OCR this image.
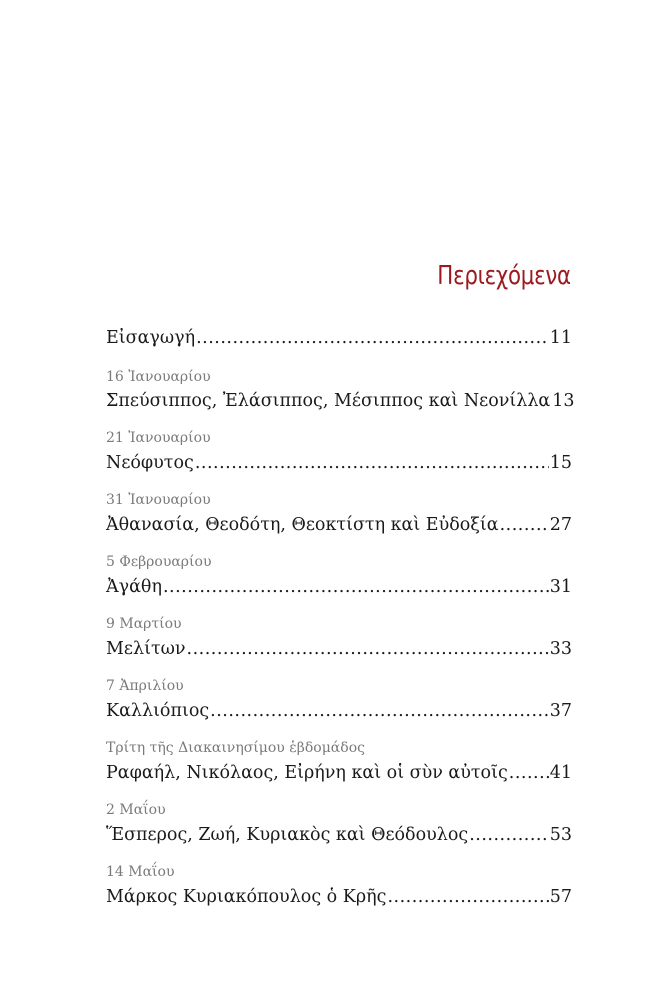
Περιεχόμενα
Εἰσαγωγή .....	11
16 Ἰανουαρίου
Σπεύσιππος, Ἐλάσιππος, Μέσιππος καὶ Νεονίλλα 13
21 Ἰανουαρίου
Νεόφυτος .....	15
31 Ἰανουαρίου
Ἀθανασία, Θεοδότη, Θεοκτίστη καὶ Εὐδοξία .....	27
5 Φεβρουαρίου
Ἀγάθη .....	31
9 Μαρτίου
Μελίτων .....	33
7 Ἀπριλίου
Καλλιόπιος .....	37
Τρίτη τῆς Διακαινησίμου ἑβδομάδος
Ραφαήλ, Νικόλαος, Εἰρήνη καὶ οἱ σὺν αὐτοῖς ..... 41
2 Μαΐου
Ἕσπερος, Ζωή, Κυριακὸς καὶ Θεόδουλος .....	53
14 Μαΐου
Μάρκος Κυριακόπουλος ὁ Κρῆς .....	57
